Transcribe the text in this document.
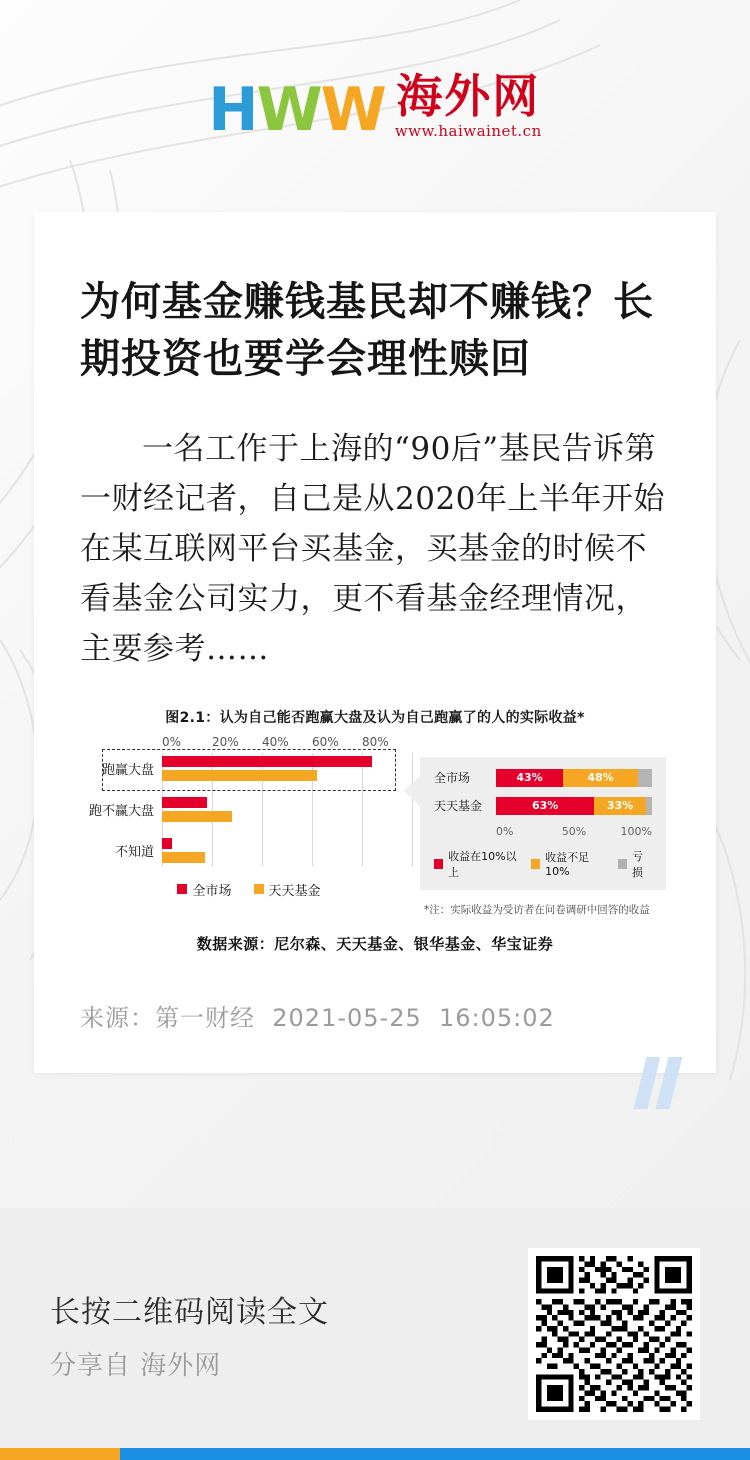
H W W 海外网
www.haiwainet.cn
为何基金赚钱基民却不赚钱？长期投资也要学会理性赎回
一名工作于上海的“90后”基民告诉第一财经记者，自己是从2020年上半年开始在某互联网平台买基金，买基金的时候不看基金公司实力，更不看基金经理情况，主要参考……
图2.1：认为自己能否跑赢大盘及认为自己跑赢了的人的实际收益*
0%	20%	40%	60%	80%
跑赢大盘
跑不赢大盘
不知道
全市场	天天基金
全市场	43%	48%
天天基金	63%	33%
0%	50%	100%
收益在10%以上
收益不足10%
亏损
*注：实际收益为受访者在问卷调研中回答的收益
数据来源：尼尔森、天天基金、银华基金、华宝证券
来源：第一财经 2021-05-25 16:05:02
长按二维码阅读全文
分享自 海外网
